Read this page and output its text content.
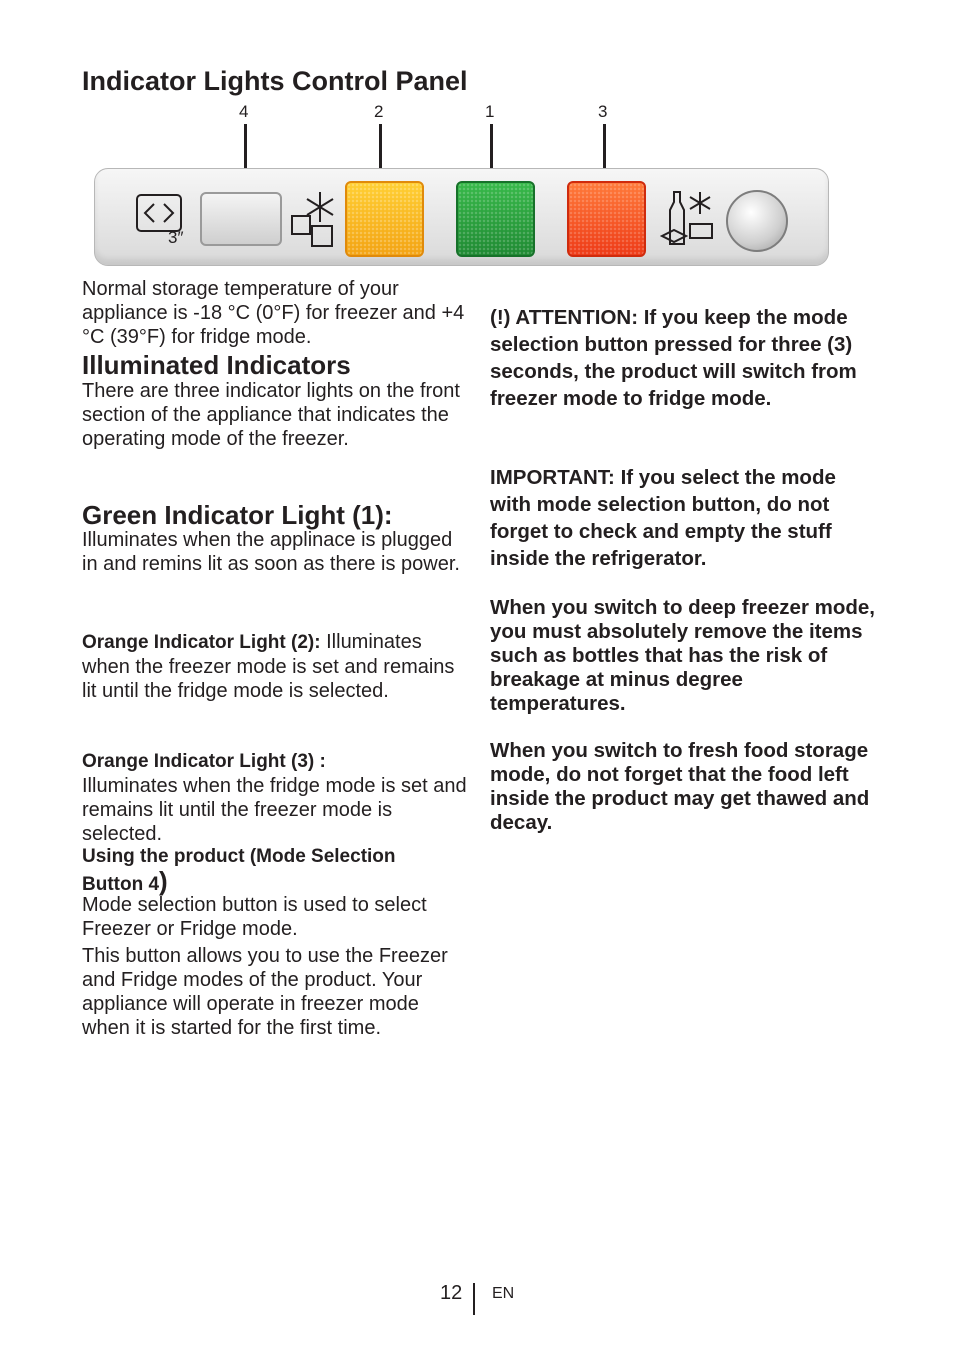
Indicator Lights Control Panel
4	2	1	3
3″
Normal storage temperature of your appliance is -18 °C (0°F) for freezer and +4 °C (39°F) for fridge mode.
Illuminated Indicators
There are three indicator lights on the front section of the appliance that indicates the operating mode of the freezer.
Green Indicator Light (1):
Illuminates when the applinace is plugged in and remins lit as soon as there is power.
Orange Indicator Light (2): Illuminates when the freezer mode is set and remains lit until the fridge mode is selected.
Orange Indicator Light (3) :
Illuminates when the fridge mode is set and remains lit until the freezer mode is selected.
Using the product (Mode Selection
Button 4)
Mode selection button is used to select Freezer or Fridge mode.
This button allows you to use the Freezer and Fridge modes of the product. Your appliance will operate in freezer mode when it is started for the first time.
(!) ATTENTION: If you keep the mode selection button pressed for three (3) seconds, the product will switch from freezer mode to fridge mode.
IMPORTANT: If you select the mode with mode selection button, do not forget to check and empty the stuff inside the refrigerator.
When you switch to deep freezer mode, you must absolutely remove the items such as bottles that has the risk of breakage at minus degree temperatures.
When you switch to fresh food storage mode, do not forget that the food left inside the product may get thawed and decay.
12 EN
